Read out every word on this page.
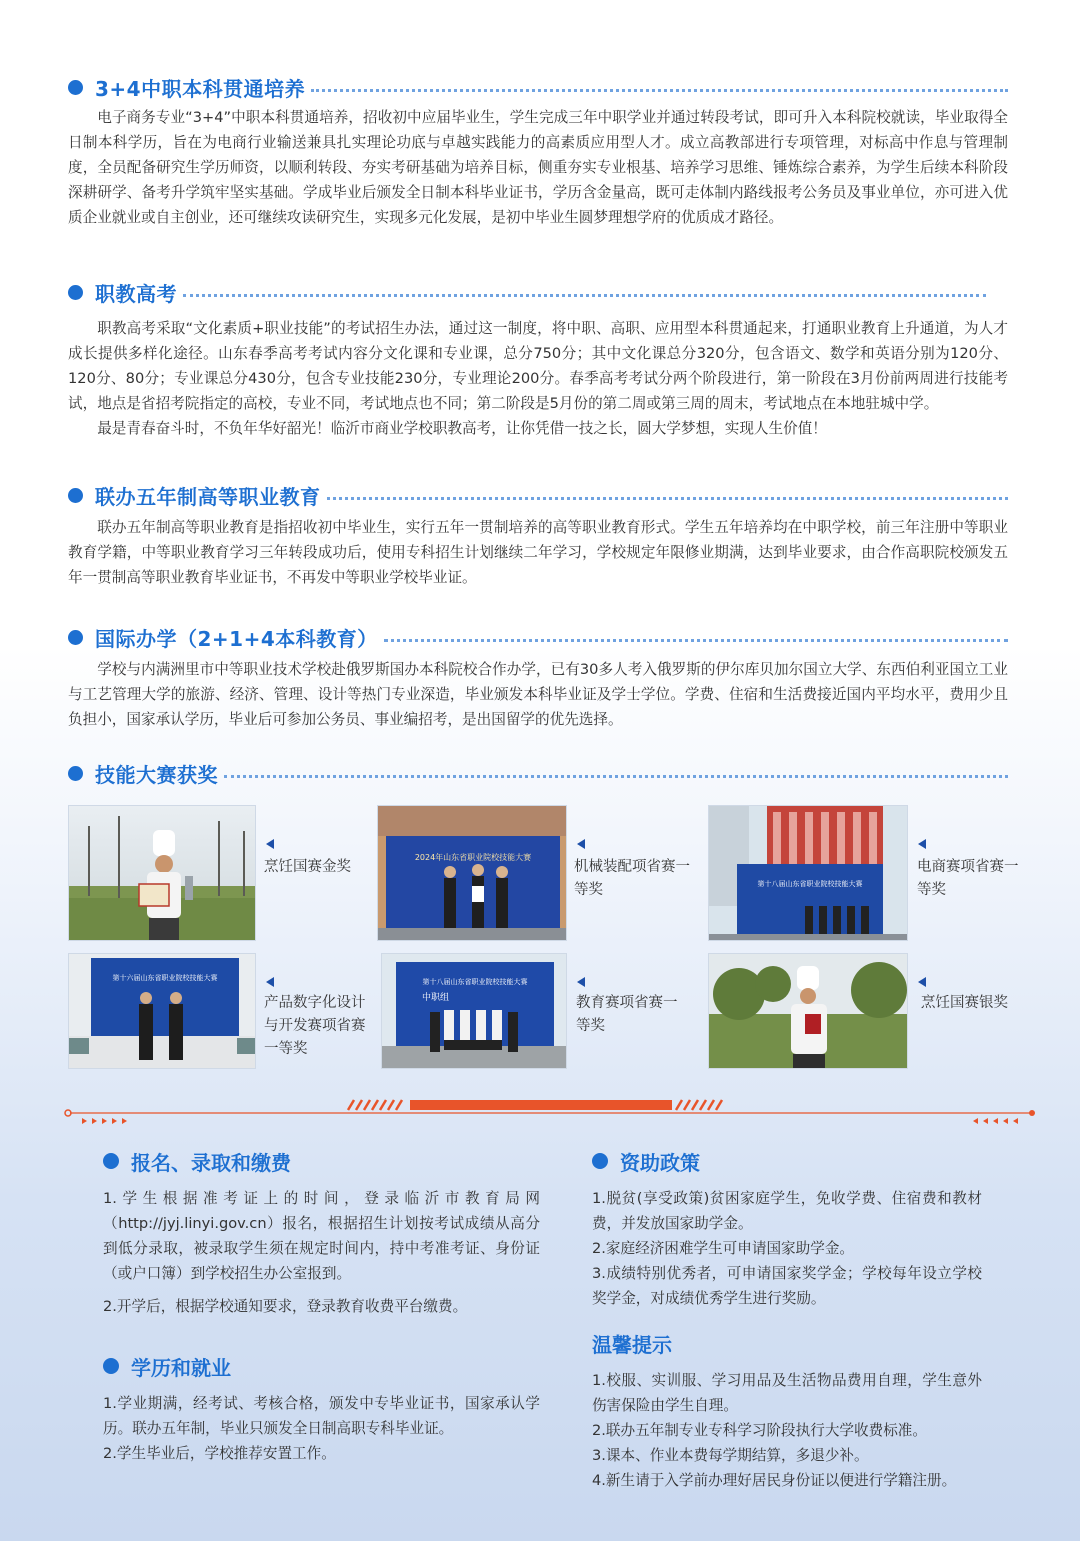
3+4中职本科贯通培养

电子商务专业“3+4”中职本科贯通培养，招收初中应届毕业生，学生完成三年中职学业并通过转段考试，即可升入本科院校就读，毕业取得全日制本科学历，旨在为电商行业输送兼具扎实理论功底与卓越实践能力的高素质应用型人才。成立高教部进行专项管理，对标高中作息与管理制度，全员配备研究生学历师资，以顺利转段、夯实考研基础为培养目标，侧重夯实专业根基、培养学习思维、锤炼综合素养，为学生后续本科阶段深耕研学、备考升学筑牢坚实基础。学成毕业后颁发全日制本科毕业证书，学历含金量高，既可走体制内路线报考公务员及事业单位，亦可进入优质企业就业或自主创业，还可继续攻读研究生，实现多元化发展，是初中毕业生圆梦理想学府的优质成才路径。

职教高考

职教高考采取“文化素质+职业技能”的考试招生办法，通过这一制度，将中职、高职、应用型本科贯通起来，打通职业教育上升通道，为人才成长提供多样化途径。山东春季高考考试内容分文化课和专业课，总分750分；其中文化课总分320分，包含语文、数学和英语分别为120分、120分、80分；专业课总分430分，包含专业技能230分，专业理论200分。春季高考考试分两个阶段进行，第一阶段在3月份前两周进行技能考试，地点是省招考院指定的高校，专业不同，考试地点也不同；第二阶段是5月份的第二周或第三周的周末，考试地点在本地驻城中学。

最是青春奋斗时，不负年华好韶光！临沂市商业学校职教高考，让你凭借一技之长，圆大学梦想，实现人生价值！

联办五年制高等职业教育

联办五年制高等职业教育是指招收初中毕业生，实行五年一贯制培养的高等职业教育形式。学生五年培养均在中职学校，前三年注册中等职业教育学籍，中等职业教育学习三年转段成功后，使用专科招生计划继续二年学习，学校规定年限修业期满，达到毕业要求，由合作高职院校颁发五年一贯制高等职业教育毕业证书，不再发中等职业学校毕业证。

国际办学（2+1+4本科教育）

学校与内满洲里市中等职业技术学校赴俄罗斯国办本科院校合作办学，已有30多人考入俄罗斯的伊尔库贝加尔国立大学、东西伯利亚国立工业与工艺管理大学的旅游、经济、管理、设计等热门专业深造，毕业颁发本科毕业证及学士学位。学费、住宿和生活费接近国内平均水平，费用少且负担小，国家承认学历，毕业后可参加公务员、事业编招考，是出国留学的优先选择。

技能大赛获奖
烹饪国赛金奖
2024年山东省职业院校技能大赛
机械装配项省赛一等奖	第十八届山东省职业院校技能大赛
电商赛项省赛一等奖
第十六届山东省职业院校技能大赛
产品数字化设计与开发赛项省赛一等奖
第十八届山东省职业院校技能大赛
中职组	教育赛项省赛一等奖
烹饪国赛银奖
报名、录取和缴费

1.学生根据准考证上的时间，登录临沂市教育局网（http://jyj.linyi.gov.cn）报名，根据招生计划按考试成绩从高分到低分录取，被录取学生须在规定时间内，持中考准考证、身份证（或户口簿）到学校招生办公室报到。

2.开学后，根据学校通知要求，登录教育收费平台缴费。

学历和就业

1.学业期满，经考试、考核合格，颁发中专毕业证书，国家承认学历。联办五年制，毕业只颁发全日制高职专科毕业证。

2.学生毕业后，学校推荐安置工作。

资助政策

1.脱贫(享受政策)贫困家庭学生，免收学费、住宿费和教材费，并发放国家助学金。

2.家庭经济困难学生可申请国家助学金。

3.成绩特别优秀者，可申请国家奖学金；学校每年设立学校奖学金，对成绩优秀学生进行奖励。

温馨提示

1.校服、实训服、学习用品及生活物品费用自理，学生意外伤害保险由学生自理。

2.联办五年制专业专科学习阶段执行大学收费标准。

3.课本、作业本费每学期结算，多退少补。

4.新生请于入学前办理好居民身份证以便进行学籍注册。
